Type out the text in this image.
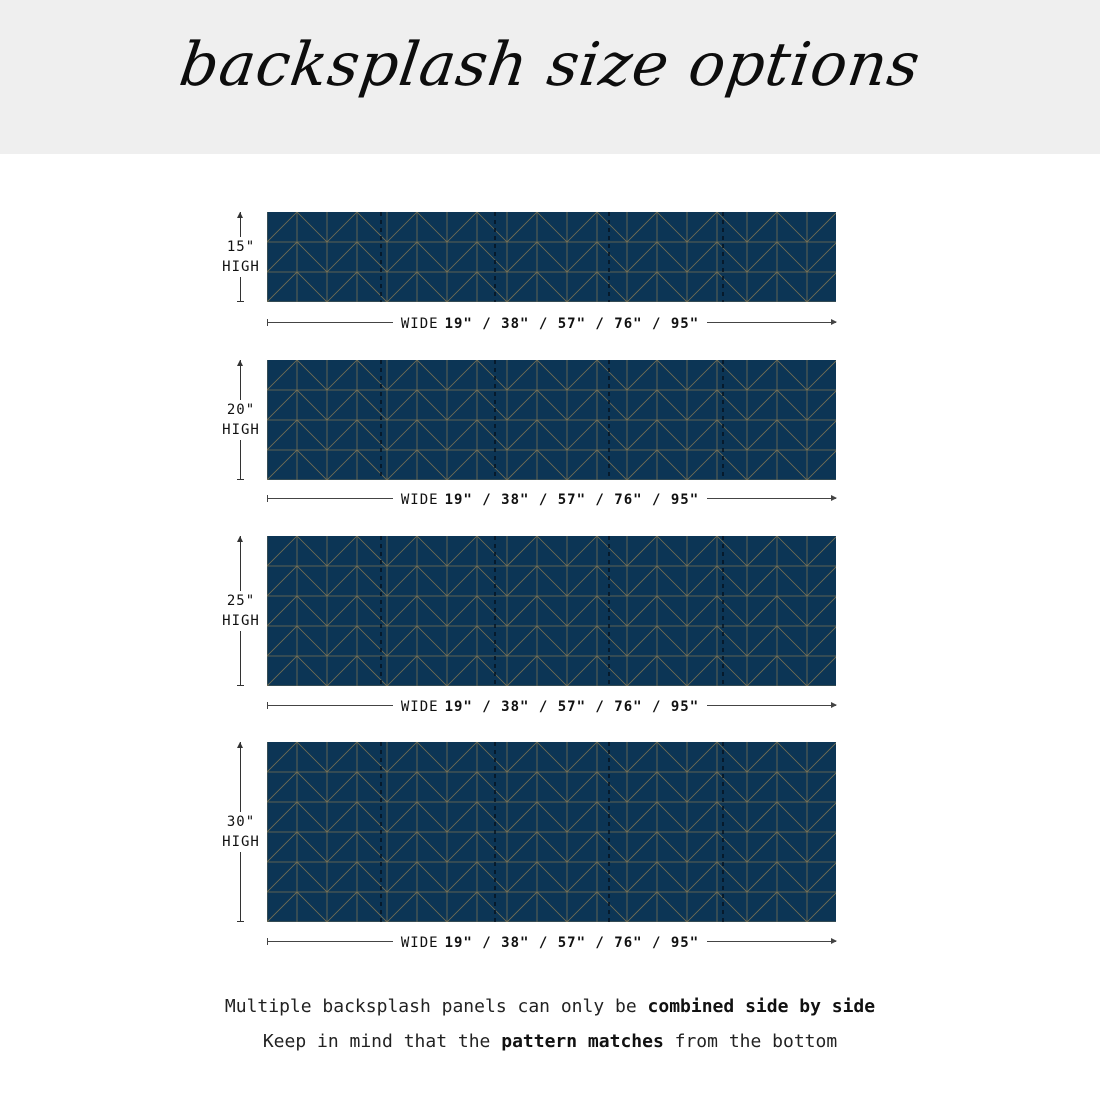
backsplash size options
15"
HIGH
WIDE 19" / 38" / 57" / 76" / 95"
20"
HIGH
WIDE 19" / 38" / 57" / 76" / 95"
25"
HIGH
WIDE 19" / 38" / 57" / 76" / 95"
30"
HIGH
WIDE 19" / 38" / 57" / 76" / 95"
Multiple backsplash panels can only be combined side by side
Keep in mind that the pattern matches from the bottom
